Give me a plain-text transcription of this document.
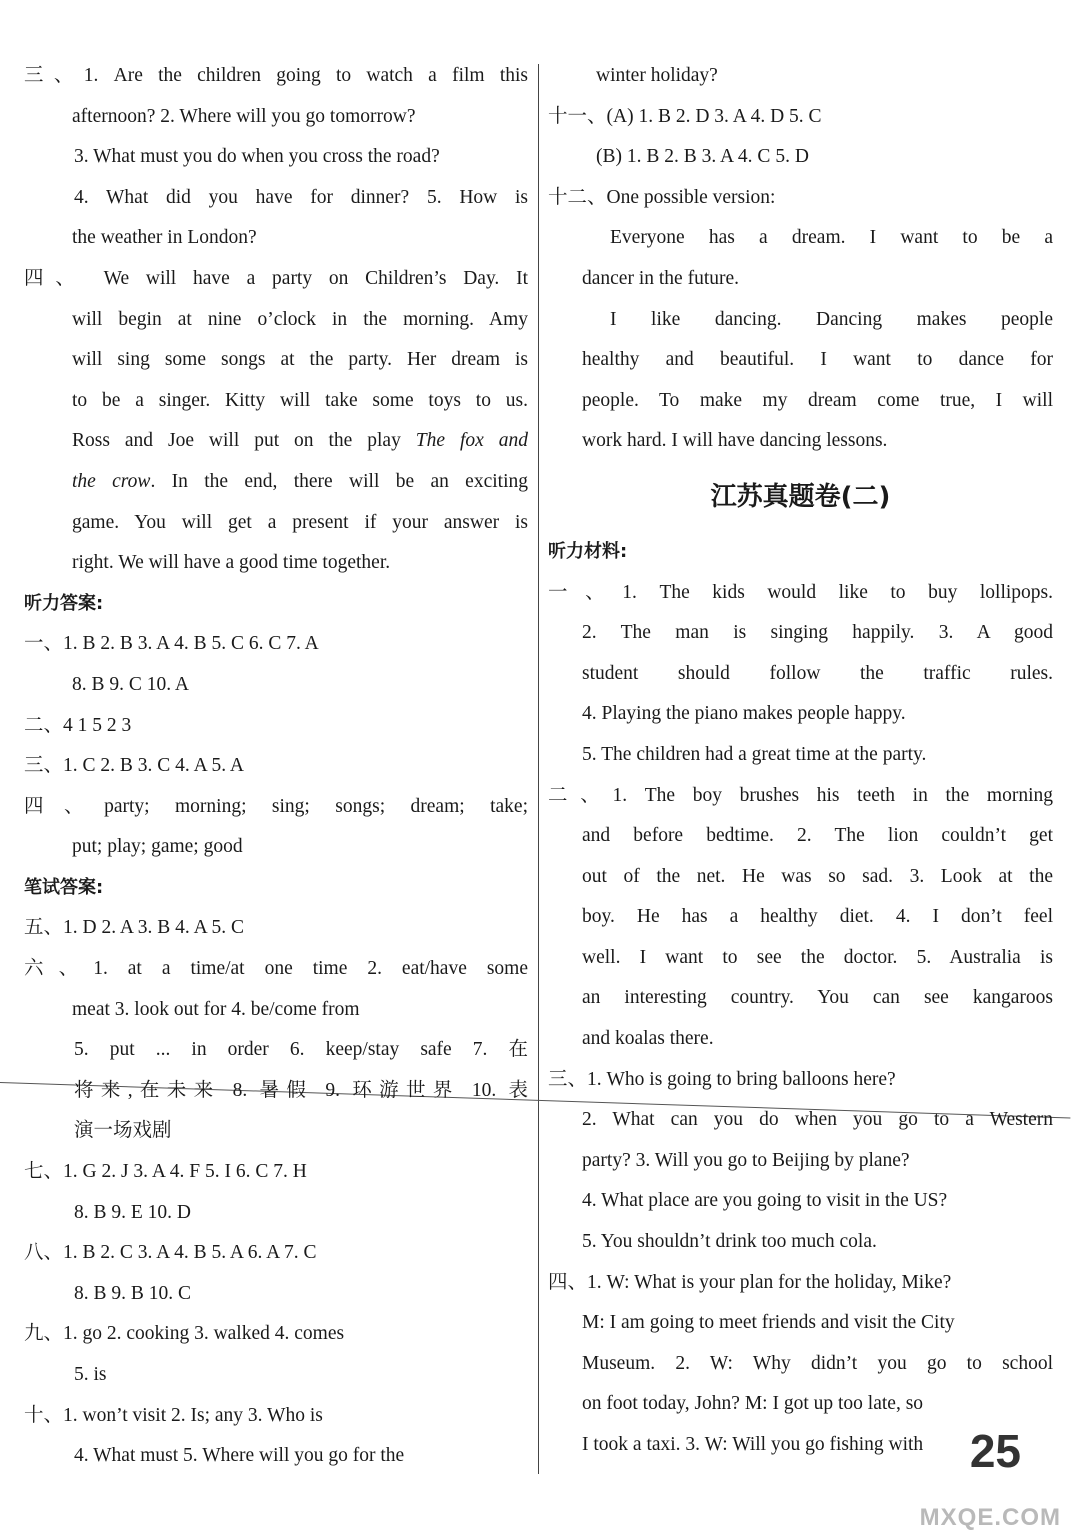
三、1. Are the children going to watch a film this
afternoon? 2. Where will you go tomorrow?
3. What must you do when you cross the road?
4. What did you have for dinner? 5. How is
the weather in London?
四、 We will have a party on Children’s Day. It
will begin at nine o’clock in the morning. Amy
will sing some songs at the party. Her dream is
to be a singer. Kitty will take some toys to us.
Ross and Joe will put on the play The fox and
the crow. In the end, there will be an exciting
game. You will get a present if your answer is
right. We will have a good time together.
听力答案:
一、1. B 2. B 3. A 4. B 5. C 6. C 7. A
8. B 9. C 10. A
二、4 1 5 2 3
三、1. C 2. B 3. C 4. A 5. A
四、party; morning; sing; songs; dream; take;
put; play; game; good
笔试答案:
五、1. D 2. A 3. B 4. A 5. C
六、1. at a time/at one time 2. eat/have some
meat 3. look out for 4. be/come from
5. put ... in order 6. keep/stay safe 7. 在
将来,在未来 8. 暑假 9. 环游世界 10. 表
演一场戏剧
七、1. G 2. J 3. A 4. F 5. I 6. C 7. H
8. B 9. E 10. D
八、1. B 2. C 3. A 4. B 5. A 6. A 7. C
8. B 9. B 10. C
九、1. go 2. cooking 3. walked 4. comes
5. is
十、1. won’t visit 2. Is; any 3. Who is
4. What must 5. Where will you go for the
winter holiday?
十一、(A) 1. B 2. D 3. A 4. D 5. C
(B) 1. B 2. B 3. A 4. C 5. D
十二、One possible version:
Everyone has a dream. I want to be a
dancer in the future.
I like dancing. Dancing makes people
healthy and beautiful. I want to dance for
people. To make my dream come true, I will
work hard. I will have dancing lessons.
江苏真题卷(二)
听力材料:
一、1. The kids would like to buy lollipops.
2. The man is singing happily. 3. A good
student should follow the traffic rules.
4. Playing the piano makes people happy.
5. The children had a great time at the party.
二、1. The boy brushes his teeth in the morning
and before bedtime. 2. The lion couldn’t get
out of the net. He was so sad. 3. Look at the
boy. He has a healthy diet. 4. I don’t feel
well. I want to see the doctor. 5. Australia is
an interesting country. You can see kangaroos
and koalas there.
三、1. Who is going to bring balloons here?
2. What can you do when you go to a Western
party? 3. Will you go to Beijing by plane?
4. What place are you going to visit in the US?
5. You shouldn’t drink too much cola.
四、1. W: What is your plan for the holiday, Mike?
M: I am going to meet friends and visit the City
Museum. 2. W: Why didn’t you go to school
on foot today, John? M: I got up too late, so
I took a taxi. 3. W: Will you go fishing with	25
MXQE.COM
